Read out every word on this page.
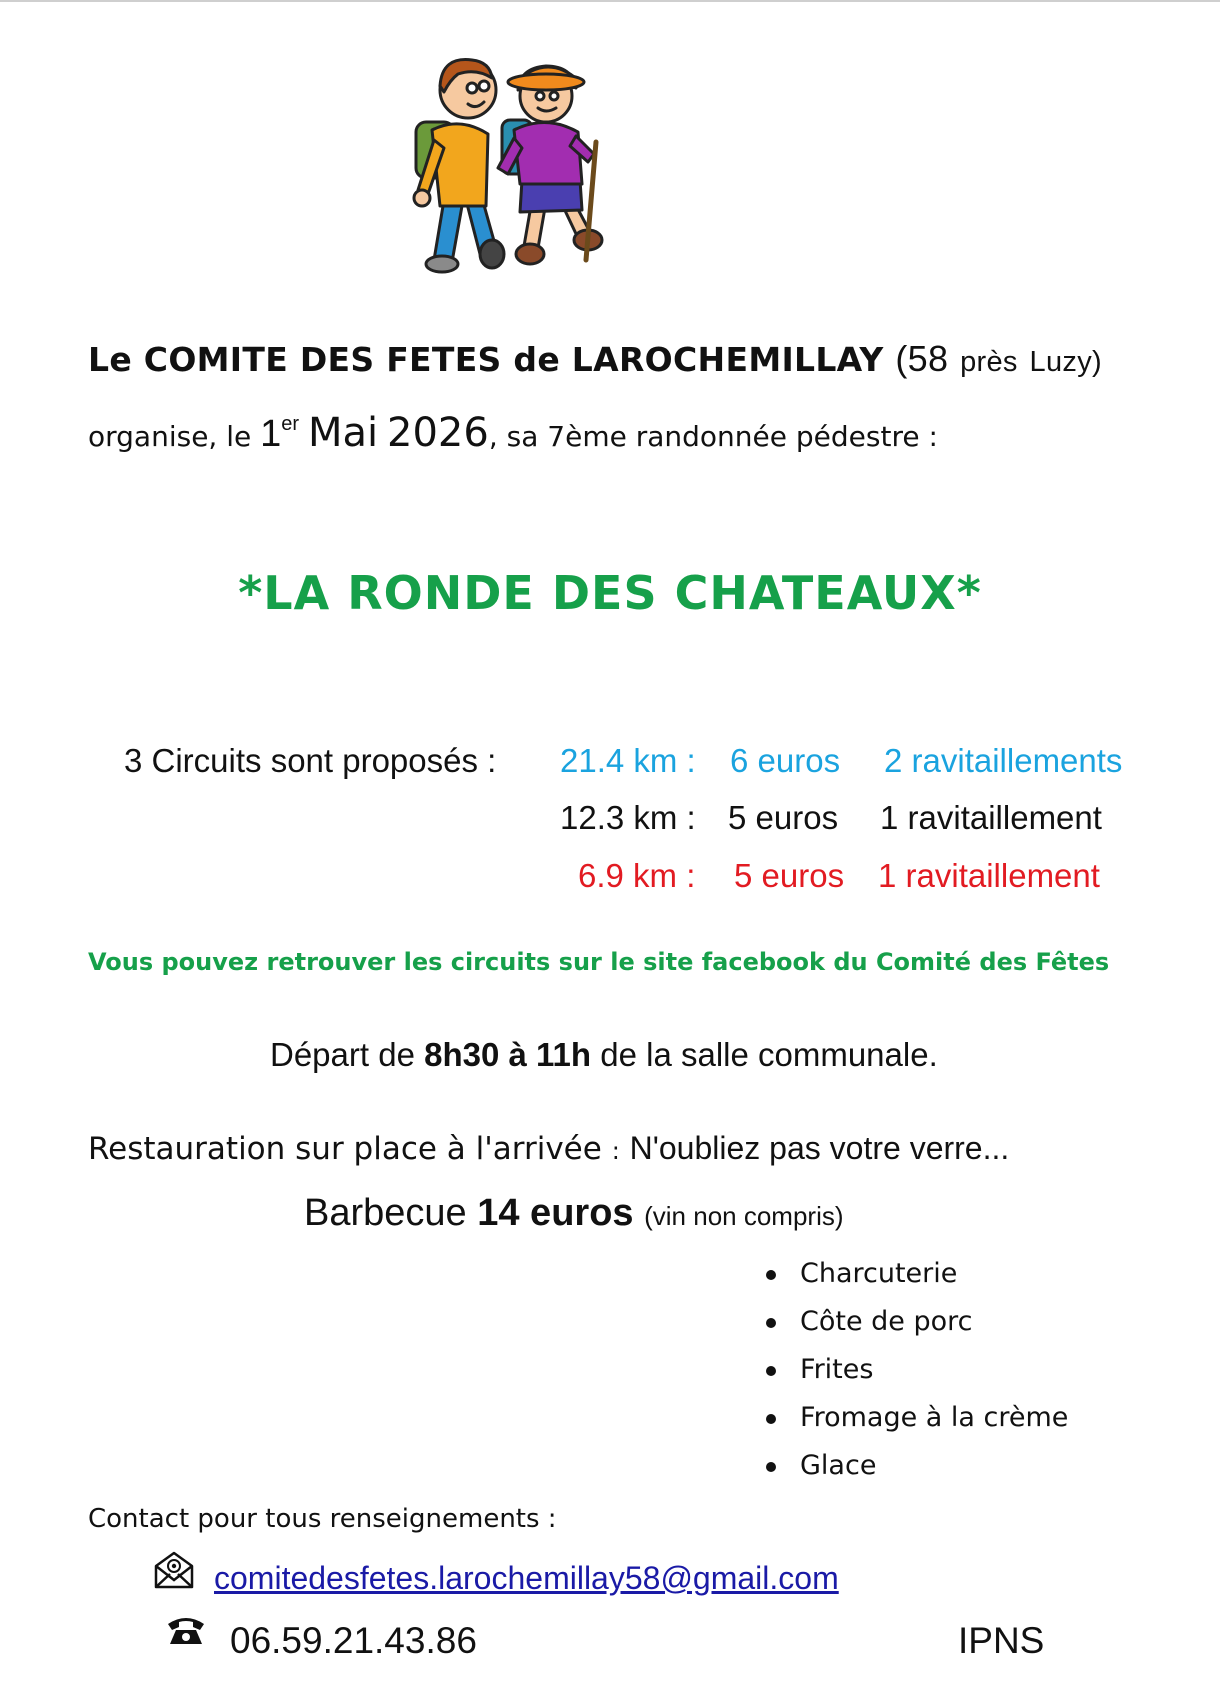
Le COMITE DES FETES de LAROCHEMILLAY (58 près Luzy)
organise, le 1er Mai 2026, sa 7ème randonnée pédestre :
*LA RONDE DES CHATEAUX*
3 Circuits sont proposés : 21.4 km : 6 euros 2 ravitaillements
12.3 km : 5 euros 1 ravitaillement
6.9 km : 5 euros 1 ravitaillement
Vous pouvez retrouver les circuits sur le site facebook du Comité des Fêtes
Départ de 8h30 à 11h de la salle communale.
Restauration sur place à l'arrivée : N'oubliez pas votre verre...
Barbecue 14 euros (vin non compris)
Charcuterie
Côte de porc
Frites
Fromage à la crème
Glace
Contact pour tous renseignements :
comitedesfetes.larochemillay58@gmail.com
06.59.21.43.86	IPNS
